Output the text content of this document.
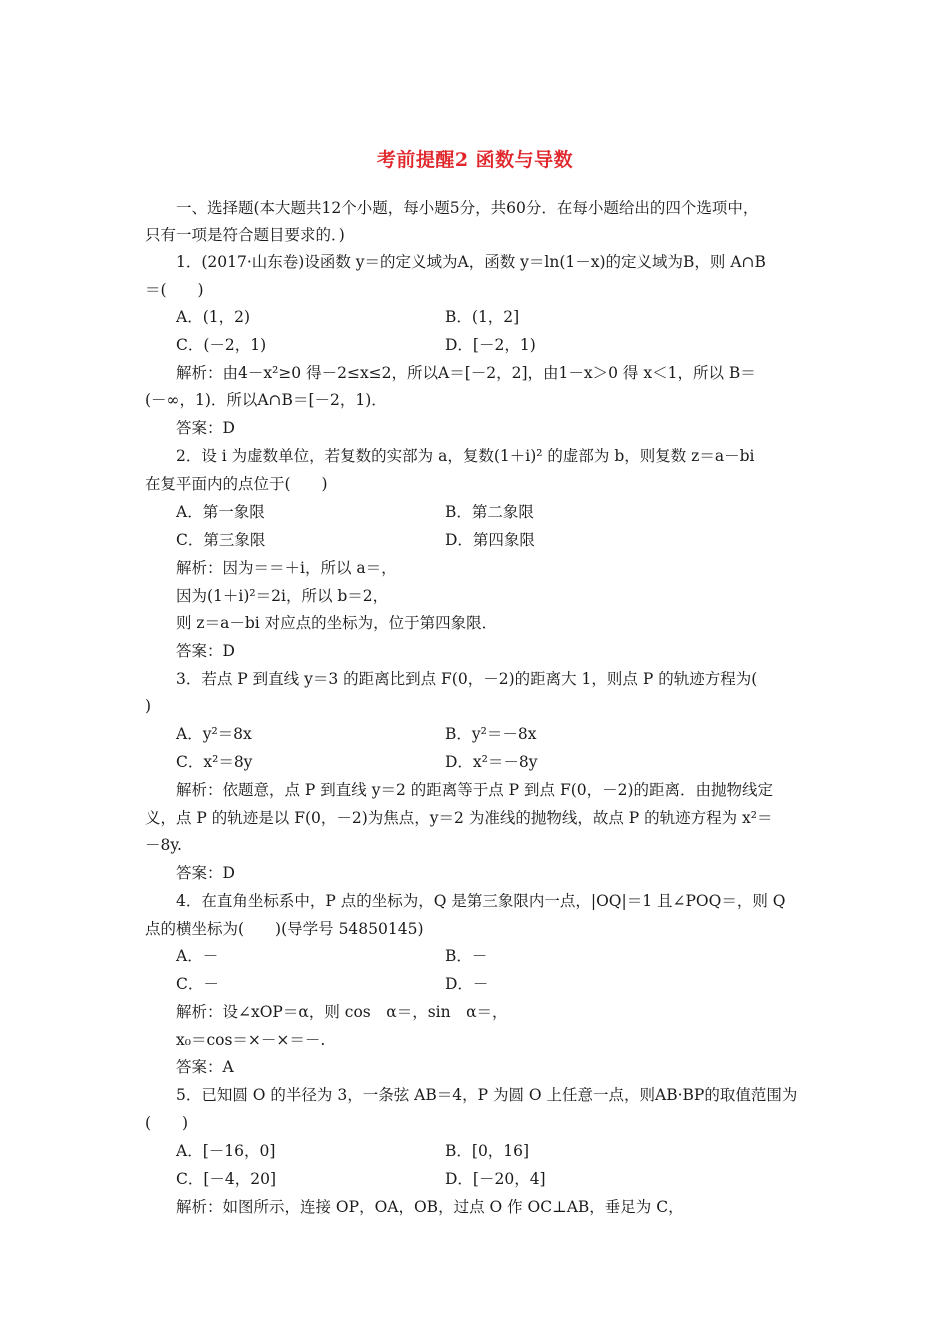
考前提醒2 函数与导数
一、选择题(本大题共12个小题，每小题5分，共60分．在每小题给出的四个选项中，
只有一项是符合题目要求的．)
1．(2017·山东卷)设函数 y＝的定义域为A，函数 y＝ln(1－x)的定义域为B，则 A∩B
＝(　　)
A．(1，2)	B．(1，2]
C．(－2，1)	D．[－2，1)
解析：由4－x²≥0 得－2≤x≤2，所以A＝[－2，2]，由1－x＞0 得 x＜1，所以 B＝
(－∞，1)．所以A∩B＝[－2，1)．
答案：D
2．设 i 为虚数单位，若复数的实部为 a，复数(1＋i)² 的虚部为 b，则复数 z＝a－bi
在复平面内的点位于(　　)
A．第一象限	B．第二象限
C．第三象限	D．第四象限
解析：因为＝＝＋i，所以 a＝，
因为(1＋i)²＝2i，所以 b＝2，
则 z＝a－bi 对应点的坐标为，位于第四象限．
答案：D
3．若点 P 到直线 y＝3 的距离比到点 F(0，－2)的距离大 1，则点 P 的轨迹方程为(
)
A．y²＝8x	B．y²＝－8x
C．x²＝8y	D．x²＝－8y
解析：依题意，点 P 到直线 y＝2 的距离等于点 P 到点 F(0，－2)的距离．由抛物线定
义，点 P 的轨迹是以 F(0，－2)为焦点，y＝2 为准线的抛物线，故点 P 的轨迹方程为 x²＝
－8y.
答案：D
4．在直角坐标系中，P 点的坐标为，Q 是第三象限内一点，|OQ|＝1 且∠POQ＝，则 Q
点的横坐标为(　　)(导学号 54850145)
A．－	B．－
C．－	D．－
解析：设∠xOP＝α，则 cos　α＝，sin　α＝，
x₀＝cos＝×－×＝－.
答案：A
5．已知圆 O 的半径为 3，一条弦 AB＝4，P 为圆 O 上任意一点，则AB·BP的取值范围为
(　　)
A．[－16，0]	B．[0，16]
C．[－4，20]	D．[－20，4]
解析：如图所示，连接 OP，OA，OB，过点 O 作 OC⊥AB，垂足为 C，
